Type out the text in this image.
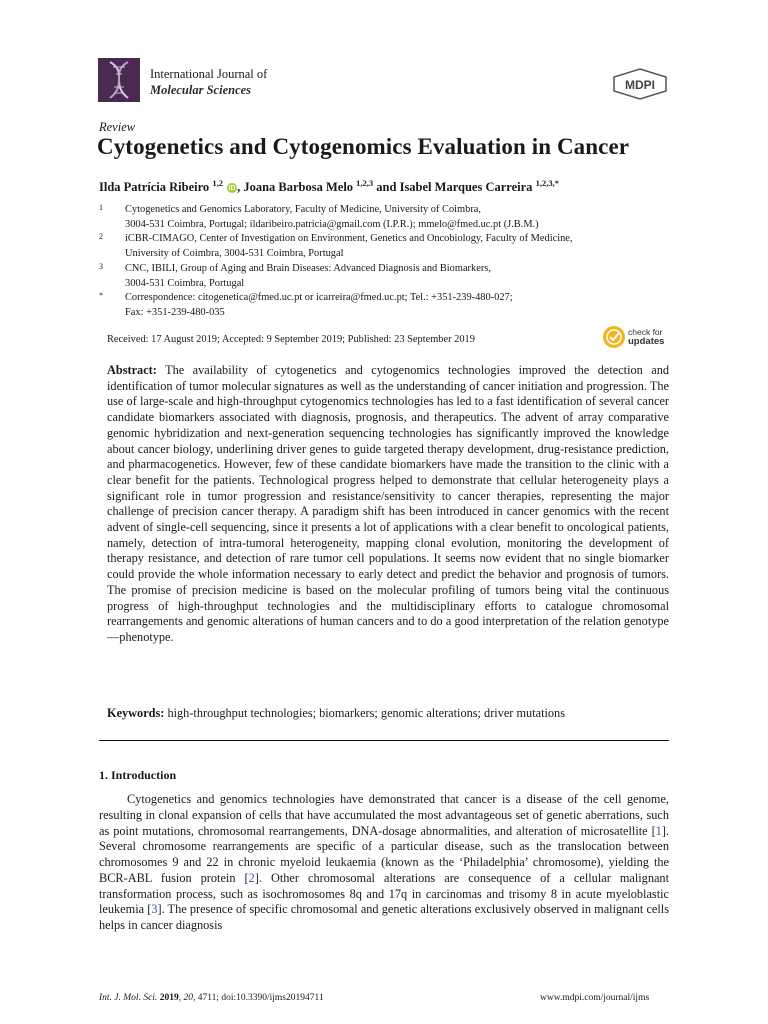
International Journal of
Molecular Sciences	MDPI
Review
Cytogenetics and Cytogenomics Evaluation in Cancer
Ilda Patrícia Ribeiro $^{1,2}$ iD , Joana Barbosa Melo $^{1,2,3}$ and Isabel Marques Carreira $^{1,2,3,*}$
1	Cytogenetics and Genomics Laboratory, Faculty of Medicine, University of Coimbra,
3004-531 Coimbra, Portugal; ildaribeiro.patricia@gmail.com (I.P.R.); mmelo@fmed.uc.pt (J.B.M.)
2	iCBR-CIMAGO, Center of Investigation on Environment, Genetics and Oncobiology, Faculty of Medicine,
University of Coimbra, 3004-531 Coimbra, Portugal
3	CNC, IBILI, Group of Aging and Brain Diseases: Advanced Diagnosis and Biomarkers,
3004-531 Coimbra, Portugal
*	Correspondence: citogenetica@fmed.uc.pt or icarreira@fmed.uc.pt; Tel.: +351-239-480-027;
Fax: +351-239-480-035
Received: 17 August 2019; Accepted: 9 September 2019; Published: 23 September 2019
check for
updates
Abstract: The availability of cytogenetics and cytogenomics technologies improved the detection and identification of tumor molecular signatures as well as the understanding of cancer initiation and progression. The use of large-scale and high-throughput cytogenomics technologies has led to a fast identification of several cancer candidate biomarkers associated with diagnosis, prognosis, and therapeutics. The advent of array comparative genomic hybridization and next-generation sequencing technologies has significantly improved the knowledge about cancer biology, underlining driver genes to guide targeted therapy development, drug-resistance prediction, and pharmacogenetics. However, few of these candidate biomarkers have made the transition to the clinic with a clear benefit for the patients. Technological progress helped to demonstrate that cellular heterogeneity plays a significant role in tumor progression and resistance/sensitivity to cancer therapies, representing the major challenge of precision cancer therapy. A paradigm shift has been introduced in cancer genomics with the recent advent of single-cell sequencing, since it presents a lot of applications with a clear benefit to oncological patients, namely, detection of intra-tumoral heterogeneity, mapping clonal evolution, monitoring the development of therapy resistance, and detection of rare tumor cell populations. It seems now evident that no single biomarker could provide the whole information necessary to early detect and predict the behavior and prognosis of tumors. The promise of precision medicine is based on the molecular profiling of tumors being vital the continuous progress of high-throughput technologies and the multidisciplinary efforts to catalogue chromosomal rearrangements and genomic alterations of human cancers and to do a good interpretation of the relation genotype—phenotype.
Keywords: high-throughput technologies; biomarkers; genomic alterations; driver mutations
1. Introduction
Cytogenetics and genomics technologies have demonstrated that cancer is a disease of the cell genome, resulting in clonal expansion of cells that have accumulated the most advantageous set of genetic aberrations, such as point mutations, chromosomal rearrangements, DNA-dosage abnormalities, and alteration of microsatellite [1]. Several chromosome rearrangements are specific of a particular disease, such as the translocation between chromosomes 9 and 22 in chronic myeloid leukaemia (known as the ‘Philadelphia’ chromosome), yielding the BCR-ABL fusion protein [2]. Other chromosomal alterations are consequence of a cellular malignant transformation process, such as isochromosomes 8q and 17q in carcinomas and trisomy 8 in acute myeloblastic leukemia [3]. The presence of specific chromosomal and genetic alterations exclusively observed in malignant cells helps in cancer diagnosis
Int. J. Mol. Sci. 2019, 20, 4711; doi:10.3390/ijms20194711	www.mdpi.com/journal/ijms
